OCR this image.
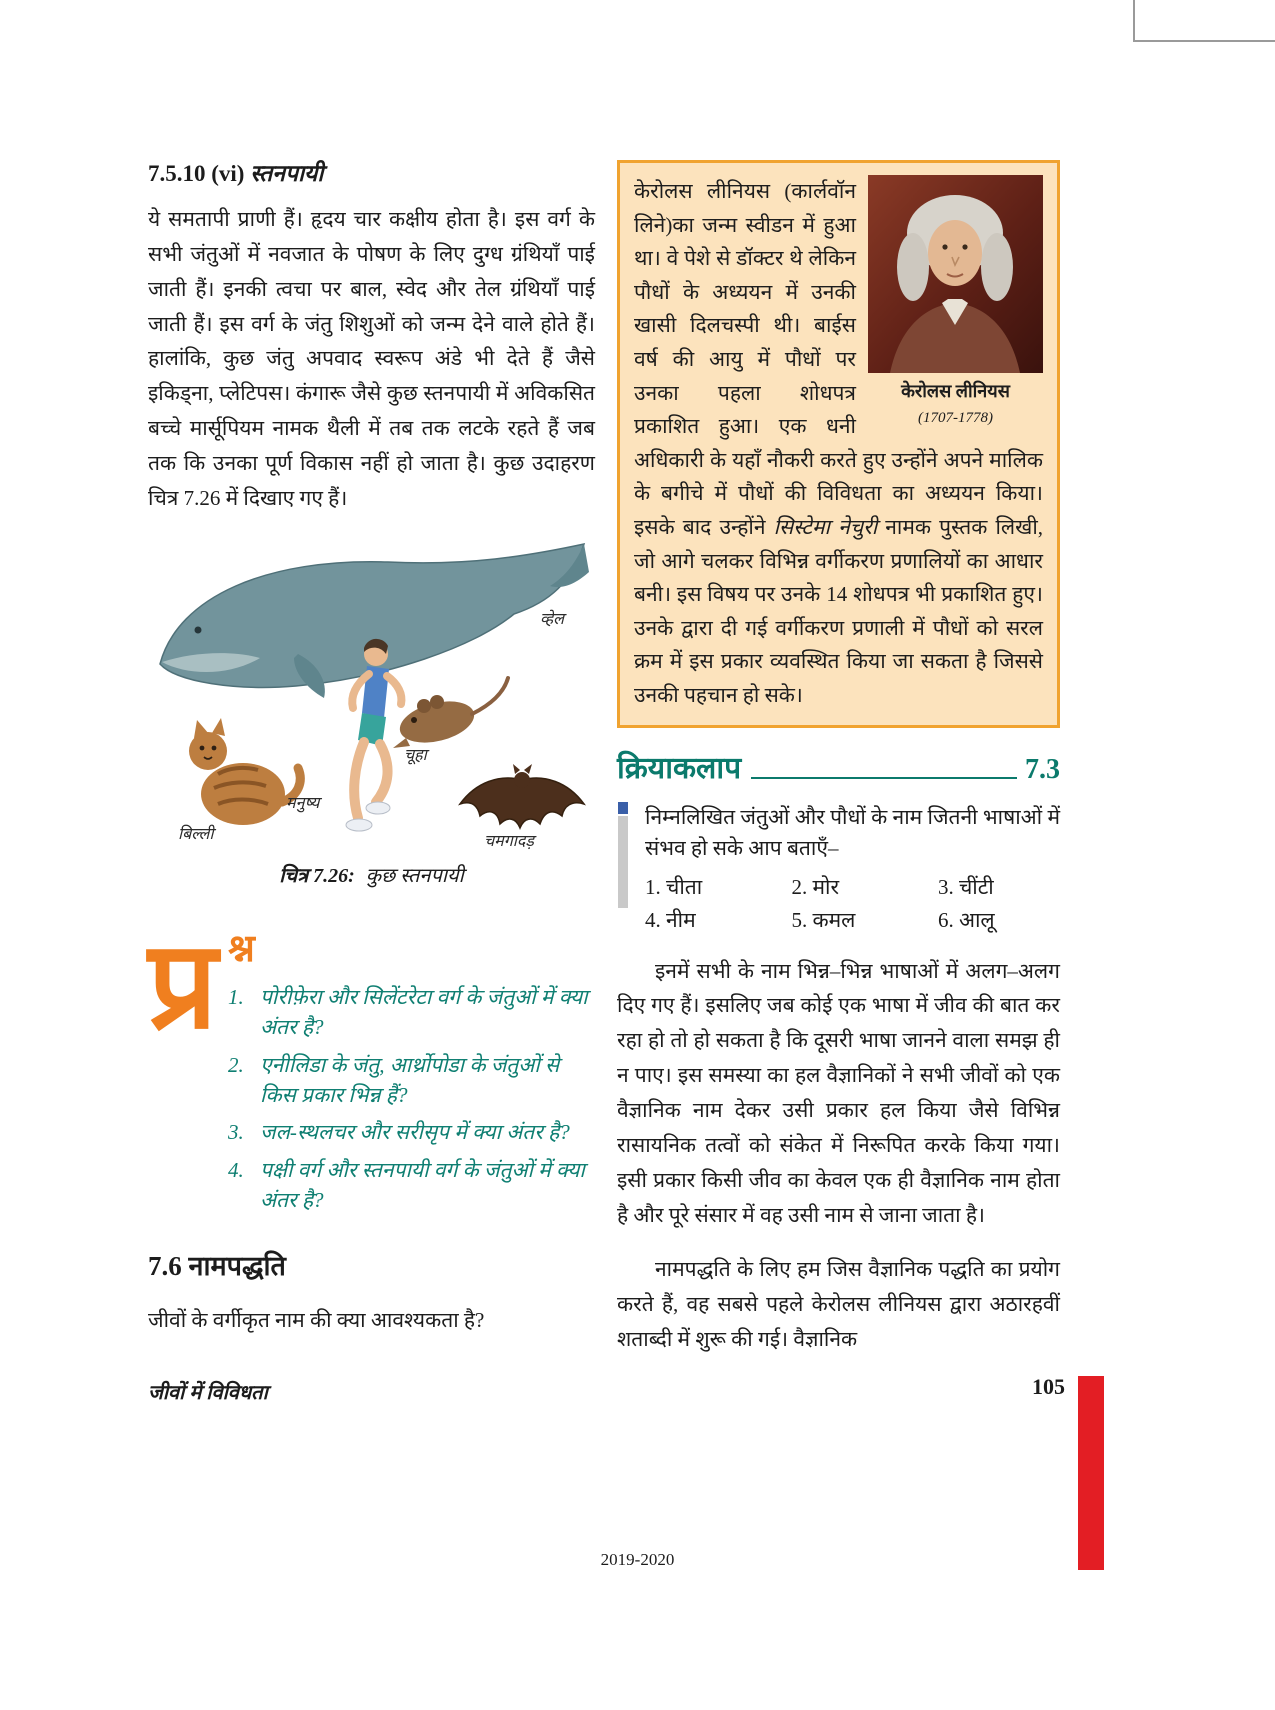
7.5.10 (vi) स्तनपायी

ये समतापी प्राणी हैं। हृदय चार कक्षीय होता है। इस वर्ग के सभी जंतुओं में नवजात के पोषण के लिए दुग्ध ग्रंथियाँ पाई जाती हैं। इनकी त्वचा पर बाल, स्वेद और तेल ग्रंथियाँ पाई जाती हैं। इस वर्ग के जंतु शिशुओं को जन्म देने वाले होते हैं। हालांकि, कुछ जंतु अपवाद स्वरूप अंडे भी देते हैं जैसे इकिड्ना, प्लेटिपस। कंगारू जैसे कुछ स्तनपायी में अविकसित बच्चे मार्सूपियम नामक थैली में तब तक लटके रहते हैं जब तक कि उनका पूर्ण विकास नहीं हो जाता है। कुछ उदाहरण चित्र 7.26 में दिखाए गए हैं।

व्हेल
चूहा
बिल्ली
मनुष्य
चमगादड़
चित्र 7.26: कुछ स्तनपायी
प्र श्न
1. पोरीफ़ेरा और सिलेंटरेटा वर्ग के जंतुओं में क्या अंतर है?
2. एनीलिडा के जंतु, आर्थ्रोपोडा के जंतुओं से किस प्रकार भिन्न हैं?
3. जल-स्थलचर और सरीसृप में क्या अंतर है?
4. पक्षी वर्ग और स्तनपायी वर्ग के जंतुओं में क्या अंतर है?
7.6 नामपद्धति

जीवों के वर्गीकृत नाम की क्या आवश्यकता है?

केरोलस लीनियस
(1707-1778)
केरोलस लीनियस (कार्लवॉन लिने)का जन्म स्वीडन में हुआ था। वे पेशे से डॉक्टर थे लेकिन पौधों के अध्ययन में उनकी खासी दिलचस्पी थी। बाईस वर्ष की आयु में पौधों पर उनका पहला शोधपत्र प्रकाशित हुआ। एक धनी अधिकारी के यहाँ नौकरी करते हुए उन्होंने अपने मालिक के बगीचे में पौधों की विविधता का अध्ययन किया। इसके बाद उन्होंने सिस्टेमा नेचुरी नामक पुस्तक लिखी, जो आगे चलकर विभिन्न वर्गीकरण प्रणालियों का आधार बनी। इस विषय पर उनके 14 शोधपत्र भी प्रकाशित हुए। उनके द्वारा दी गई वर्गीकरण प्रणाली में पौधों को सरल क्रम में इस प्रकार व्यवस्थित किया जा सकता है जिससे उनकी पहचान हो सके।
क्रियाकलाप	7.3

निम्नलिखित जंतुओं और पौधों के नाम जितनी भाषाओं में संभव हो सके आप बताएँ–

1. चीता	2. मोर	3. चींटी
4. नीम	5. कमल	6. आलू

इनमें सभी के नाम भिन्न–भिन्न भाषाओं में अलग–अलग दिए गए हैं। इसलिए जब कोई एक भाषा में जीव की बात कर रहा हो तो हो सकता है कि दूसरी भाषा जानने वाला समझ ही न पाए। इस समस्या का हल वैज्ञानिकों ने सभी जीवों को एक वैज्ञानिक नाम देकर उसी प्रकार हल किया जैसे विभिन्न रासायनिक तत्वों को संकेत में निरूपित करके किया गया। इसी प्रकार किसी जीव का केवल एक ही वैज्ञानिक नाम होता है और पूरे संसार में वह उसी नाम से जाना जाता है।

नामपद्धति के लिए हम जिस वैज्ञानिक पद्धति का प्रयोग करते हैं, वह सबसे पहले केरोलस लीनियस द्वारा अठारहवीं शताब्दी में शुरू की गई। वैज्ञानिक

जीवों में विविधता	105
2019-2020
